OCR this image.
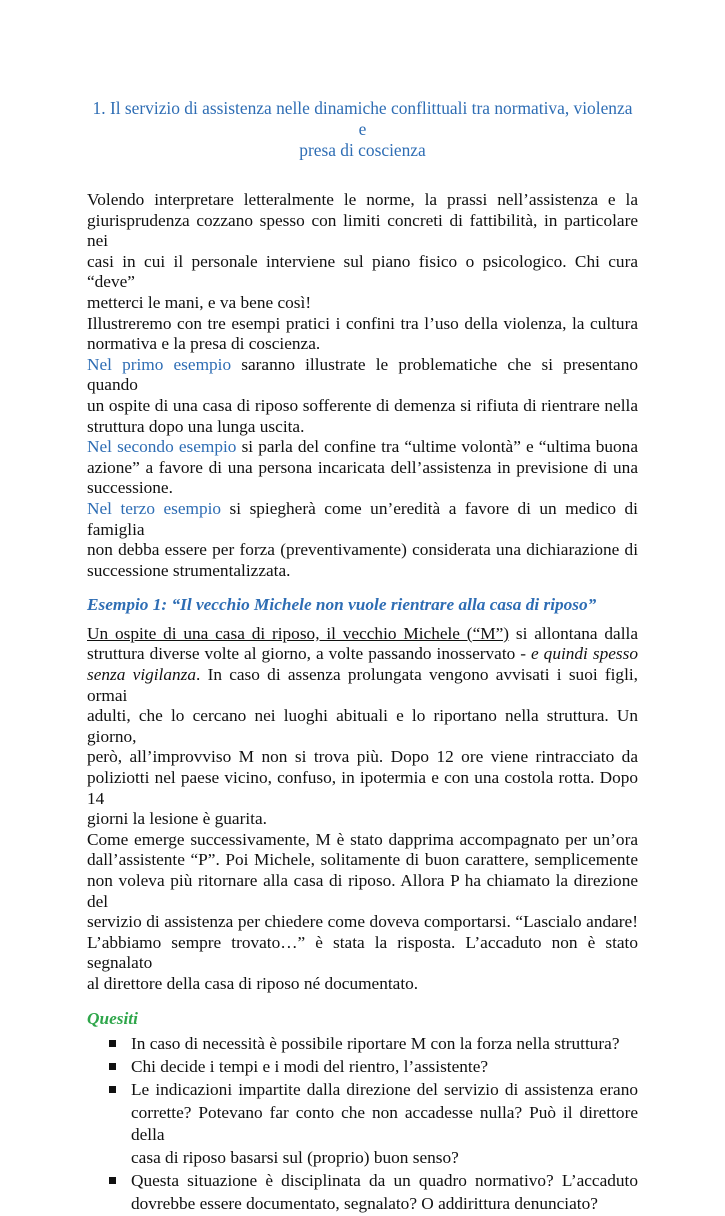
1. Il servizio di assistenza nelle dinamiche conflittuali tra normativa, violenza e
presa di coscienza

Volendo interpretare letteralmente le norme, la prassi nell’assistenza e la
giurisprudenza cozzano spesso con limiti concreti di fattibilità, in particolare nei
casi in cui il personale interviene sul piano fisico o psicologico. Chi cura “deve”
metterci le mani, e va bene così!
Illustreremo con tre esempi pratici i confini tra l’uso della violenza, la cultura
normativa e la presa di coscienza.
Nel primo esempio saranno illustrate le problematiche che si presentano quando
un ospite di una casa di riposo sofferente di demenza si rifiuta di rientrare nella
struttura dopo una lunga uscita.
Nel secondo esempio si parla del confine tra “ultime volontà” e “ultima buona
azione” a favore di una persona incaricata dell’assistenza in previsione di una
successione.
Nel terzo esempio si spiegherà come un’eredità a favore di un medico di famiglia
non debba essere per forza (preventivamente) considerata una dichiarazione di
successione strumentalizzata.

Esempio 1: “Il vecchio Michele non vuole rientrare alla casa di riposo”

Un ospite di una casa di riposo, il vecchio Michele (“M”) si allontana dalla
struttura diverse volte al giorno, a volte passando inosservato - e quindi spesso
senza vigilanza. In caso di assenza prolungata vengono avvisati i suoi figli, ormai
adulti, che lo cercano nei luoghi abituali e lo riportano nella struttura. Un giorno,
però, all’improvviso M non si trova più. Dopo 12 ore viene rintracciato da
poliziotti nel paese vicino, confuso, in ipotermia e con una costola rotta. Dopo 14
giorni la lesione è guarita.

Come emerge successivamente, M è stato dapprima accompagnato per un’ora
dall’assistente “P”. Poi Michele, solitamente di buon carattere, semplicemente
non voleva più ritornare alla casa di riposo. Allora P ha chiamato la direzione del
servizio di assistenza per chiedere come doveva comportarsi. “Lascialo andare!
L’abbiamo sempre trovato…” è stata la risposta. L’accaduto non è stato segnalato
al direttore della casa di riposo né documentato.

Quesiti
In caso di necessità è possibile riportare M con la forza nella struttura?
Chi decide i tempi e i modi del rientro, l’assistente?
Le indicazioni impartite dalla direzione del servizio di assistenza erano
corrette? Potevano far conto che non accadesse nulla? Può il direttore della
casa di riposo basarsi sul (proprio) buon senso?
Questa situazione è disciplinata da un quadro normativo? L’accaduto
dovrebbe essere documentato, segnalato? O addirittura denunciato?
